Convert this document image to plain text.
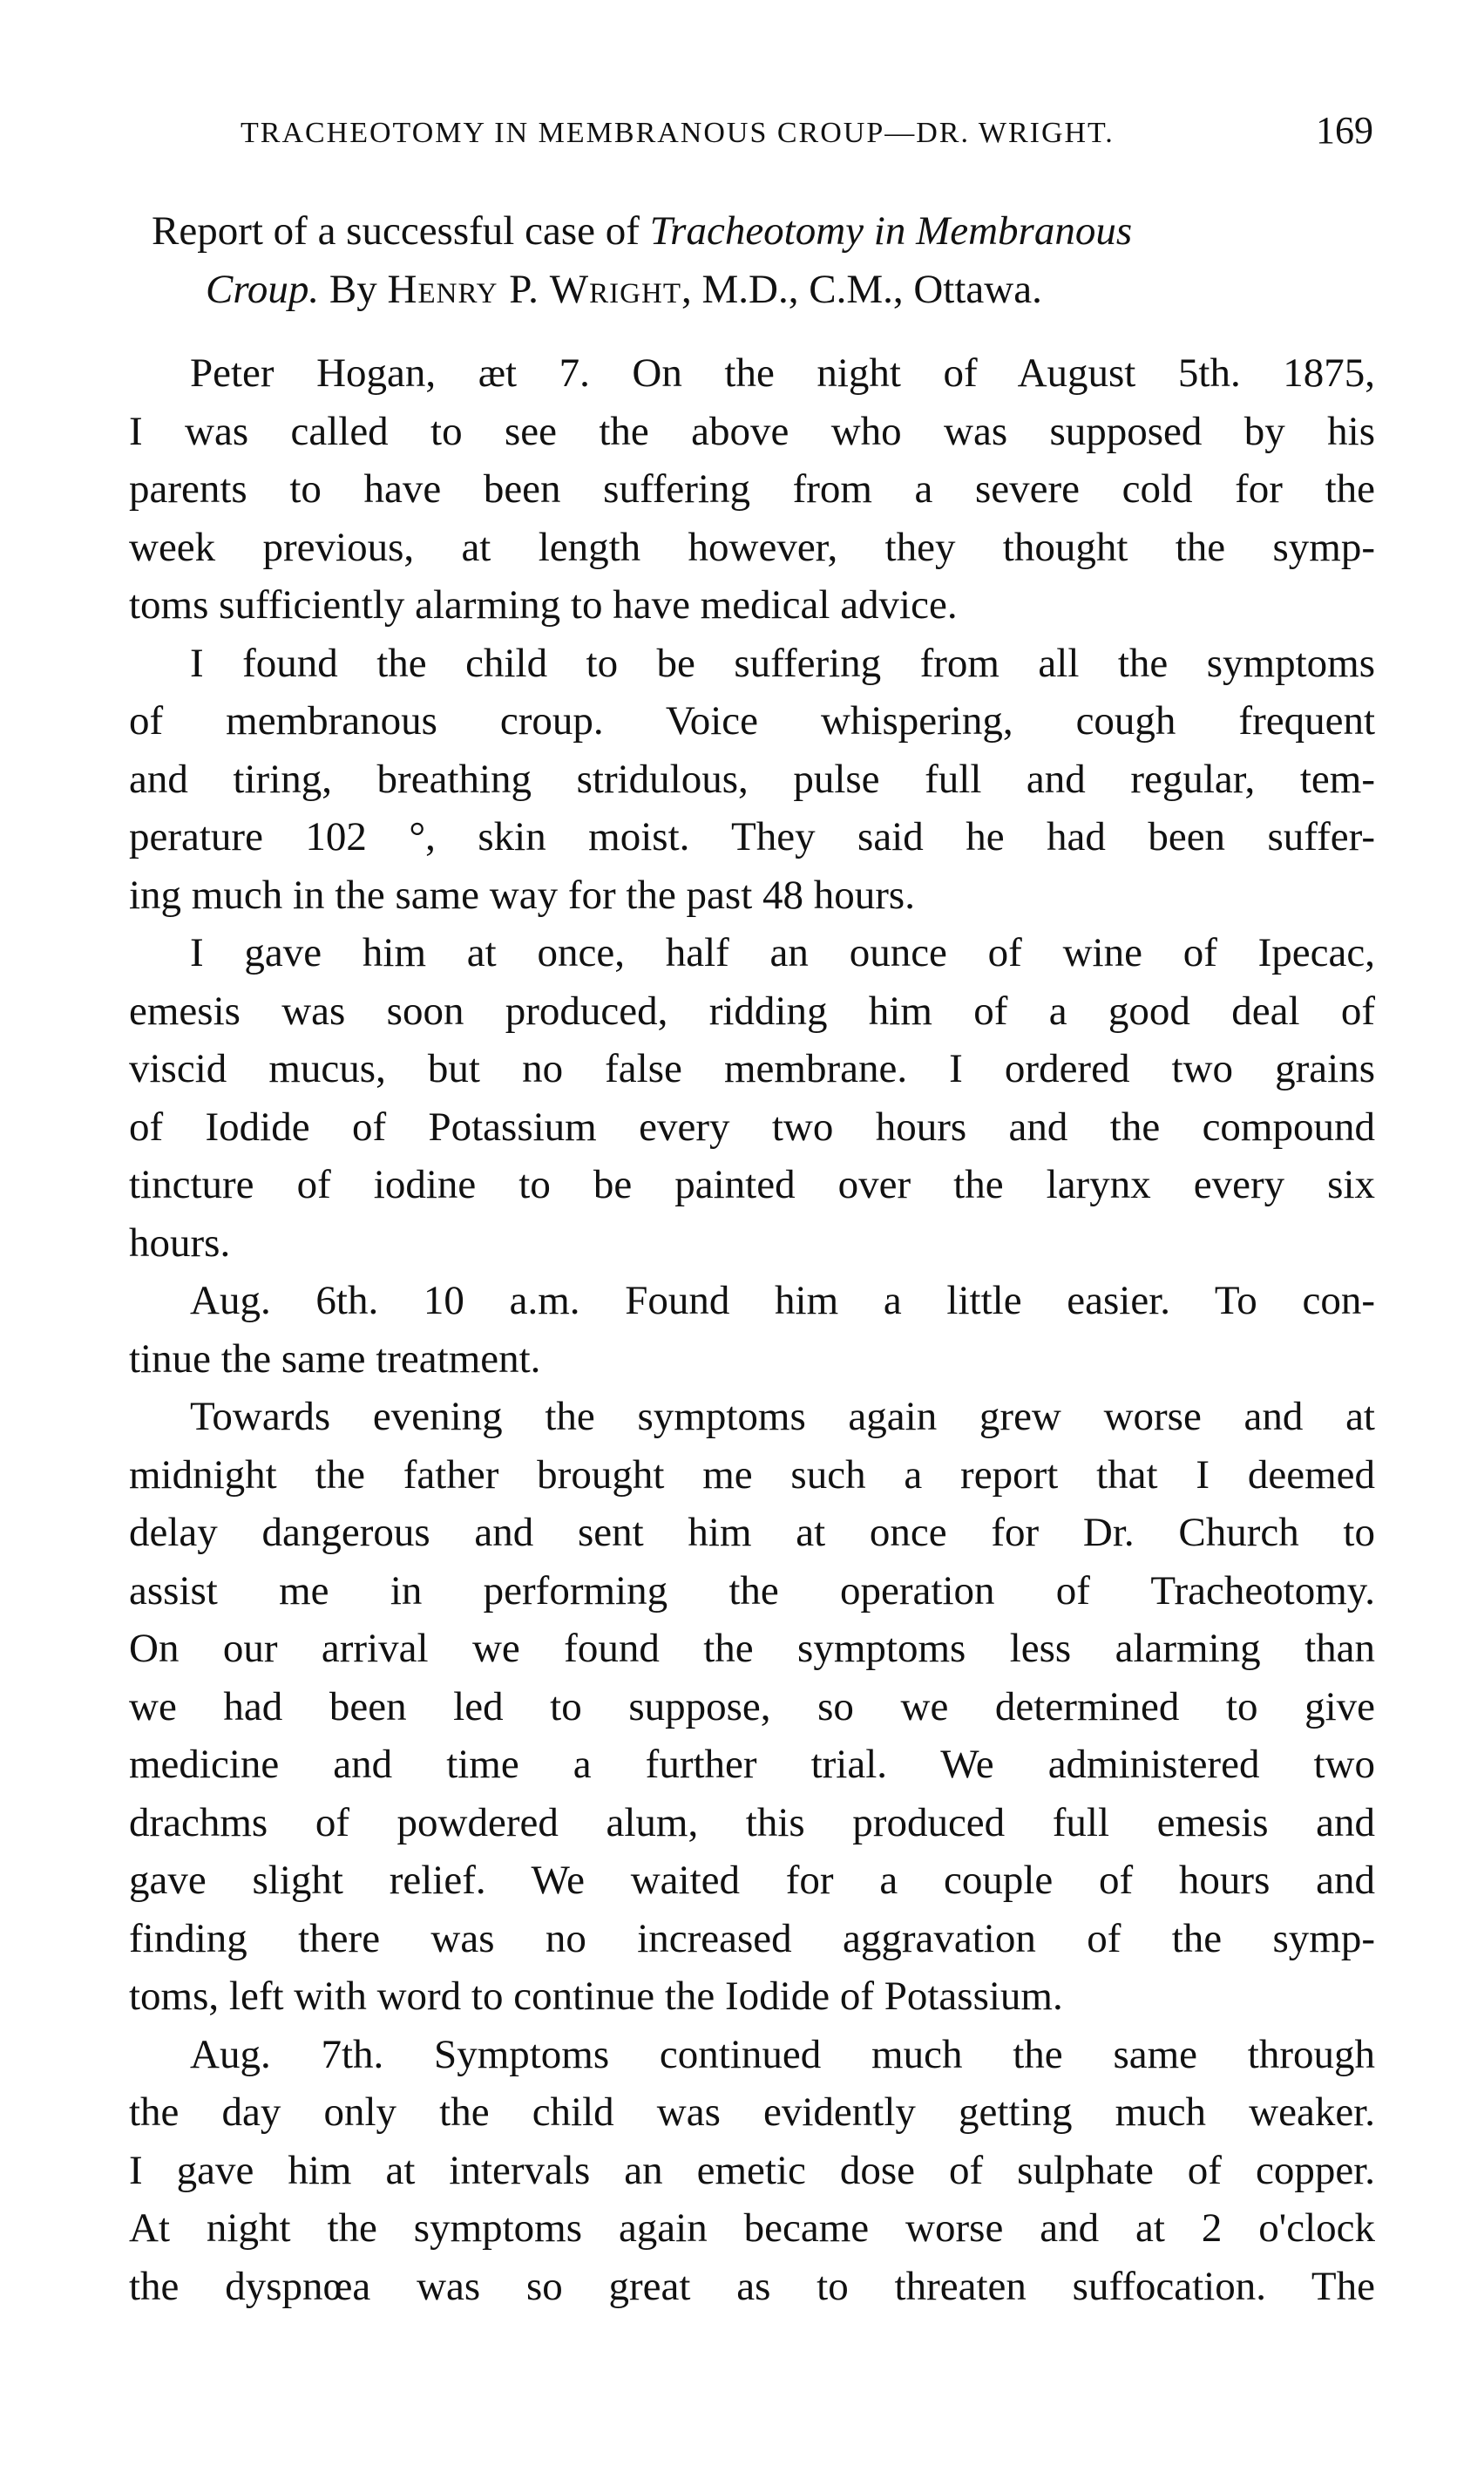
TRACHEOTOMY IN MEMBRANOUS CROUP—DR. WRIGHT.	169

Report of a successful case of Tracheotomy in Membranous
Croup. By Henry P. Wright, M.D., C.M., Ottawa.

Peter Hogan, æt 7. On the night of August 5th. 1875,
I was called to see the above who was supposed by his
parents to have been suffering from a severe cold for the
week previous, at length however, they thought the symp-
toms sufficiently alarming to have medical advice.
I found the child to be suffering from all the symptoms
of membranous croup. Voice whispering, cough frequent
and tiring, breathing stridulous, pulse full and regular, tem-
perature 102 °, skin moist. They said he had been suffer-
ing much in the same way for the past 48 hours.
I gave him at once, half an ounce of wine of Ipecac,
emesis was soon produced, ridding him of a good deal of
viscid mucus, but no false membrane. I ordered two grains
of Iodide of Potassium every two hours and the compound
tincture of iodine to be painted over the larynx every six
hours.
Aug. 6th. 10 a.m. Found him a little easier. To con-
tinue the same treatment.
Towards evening the symptoms again grew worse and at
midnight the father brought me such a report that I deemed
delay dangerous and sent him at once for Dr. Church to
assist me in performing the operation of Tracheotomy.
On our arrival we found the symptoms less alarming than
we had been led to suppose, so we determined to give
medicine and time a further trial. We administered two
drachms of powdered alum, this produced full emesis and
gave slight relief. We waited for a couple of hours and
finding there was no increased aggravation of the symp-
toms, left with word to continue the Iodide of Potassium.
Aug. 7th. Symptoms continued much the same through
the day only the child was evidently getting much weaker.
I gave him at intervals an emetic dose of sulphate of copper.
At night the symptoms again became worse and at 2 o'clock
the dyspnœa was so great as to threaten suffocation. The
